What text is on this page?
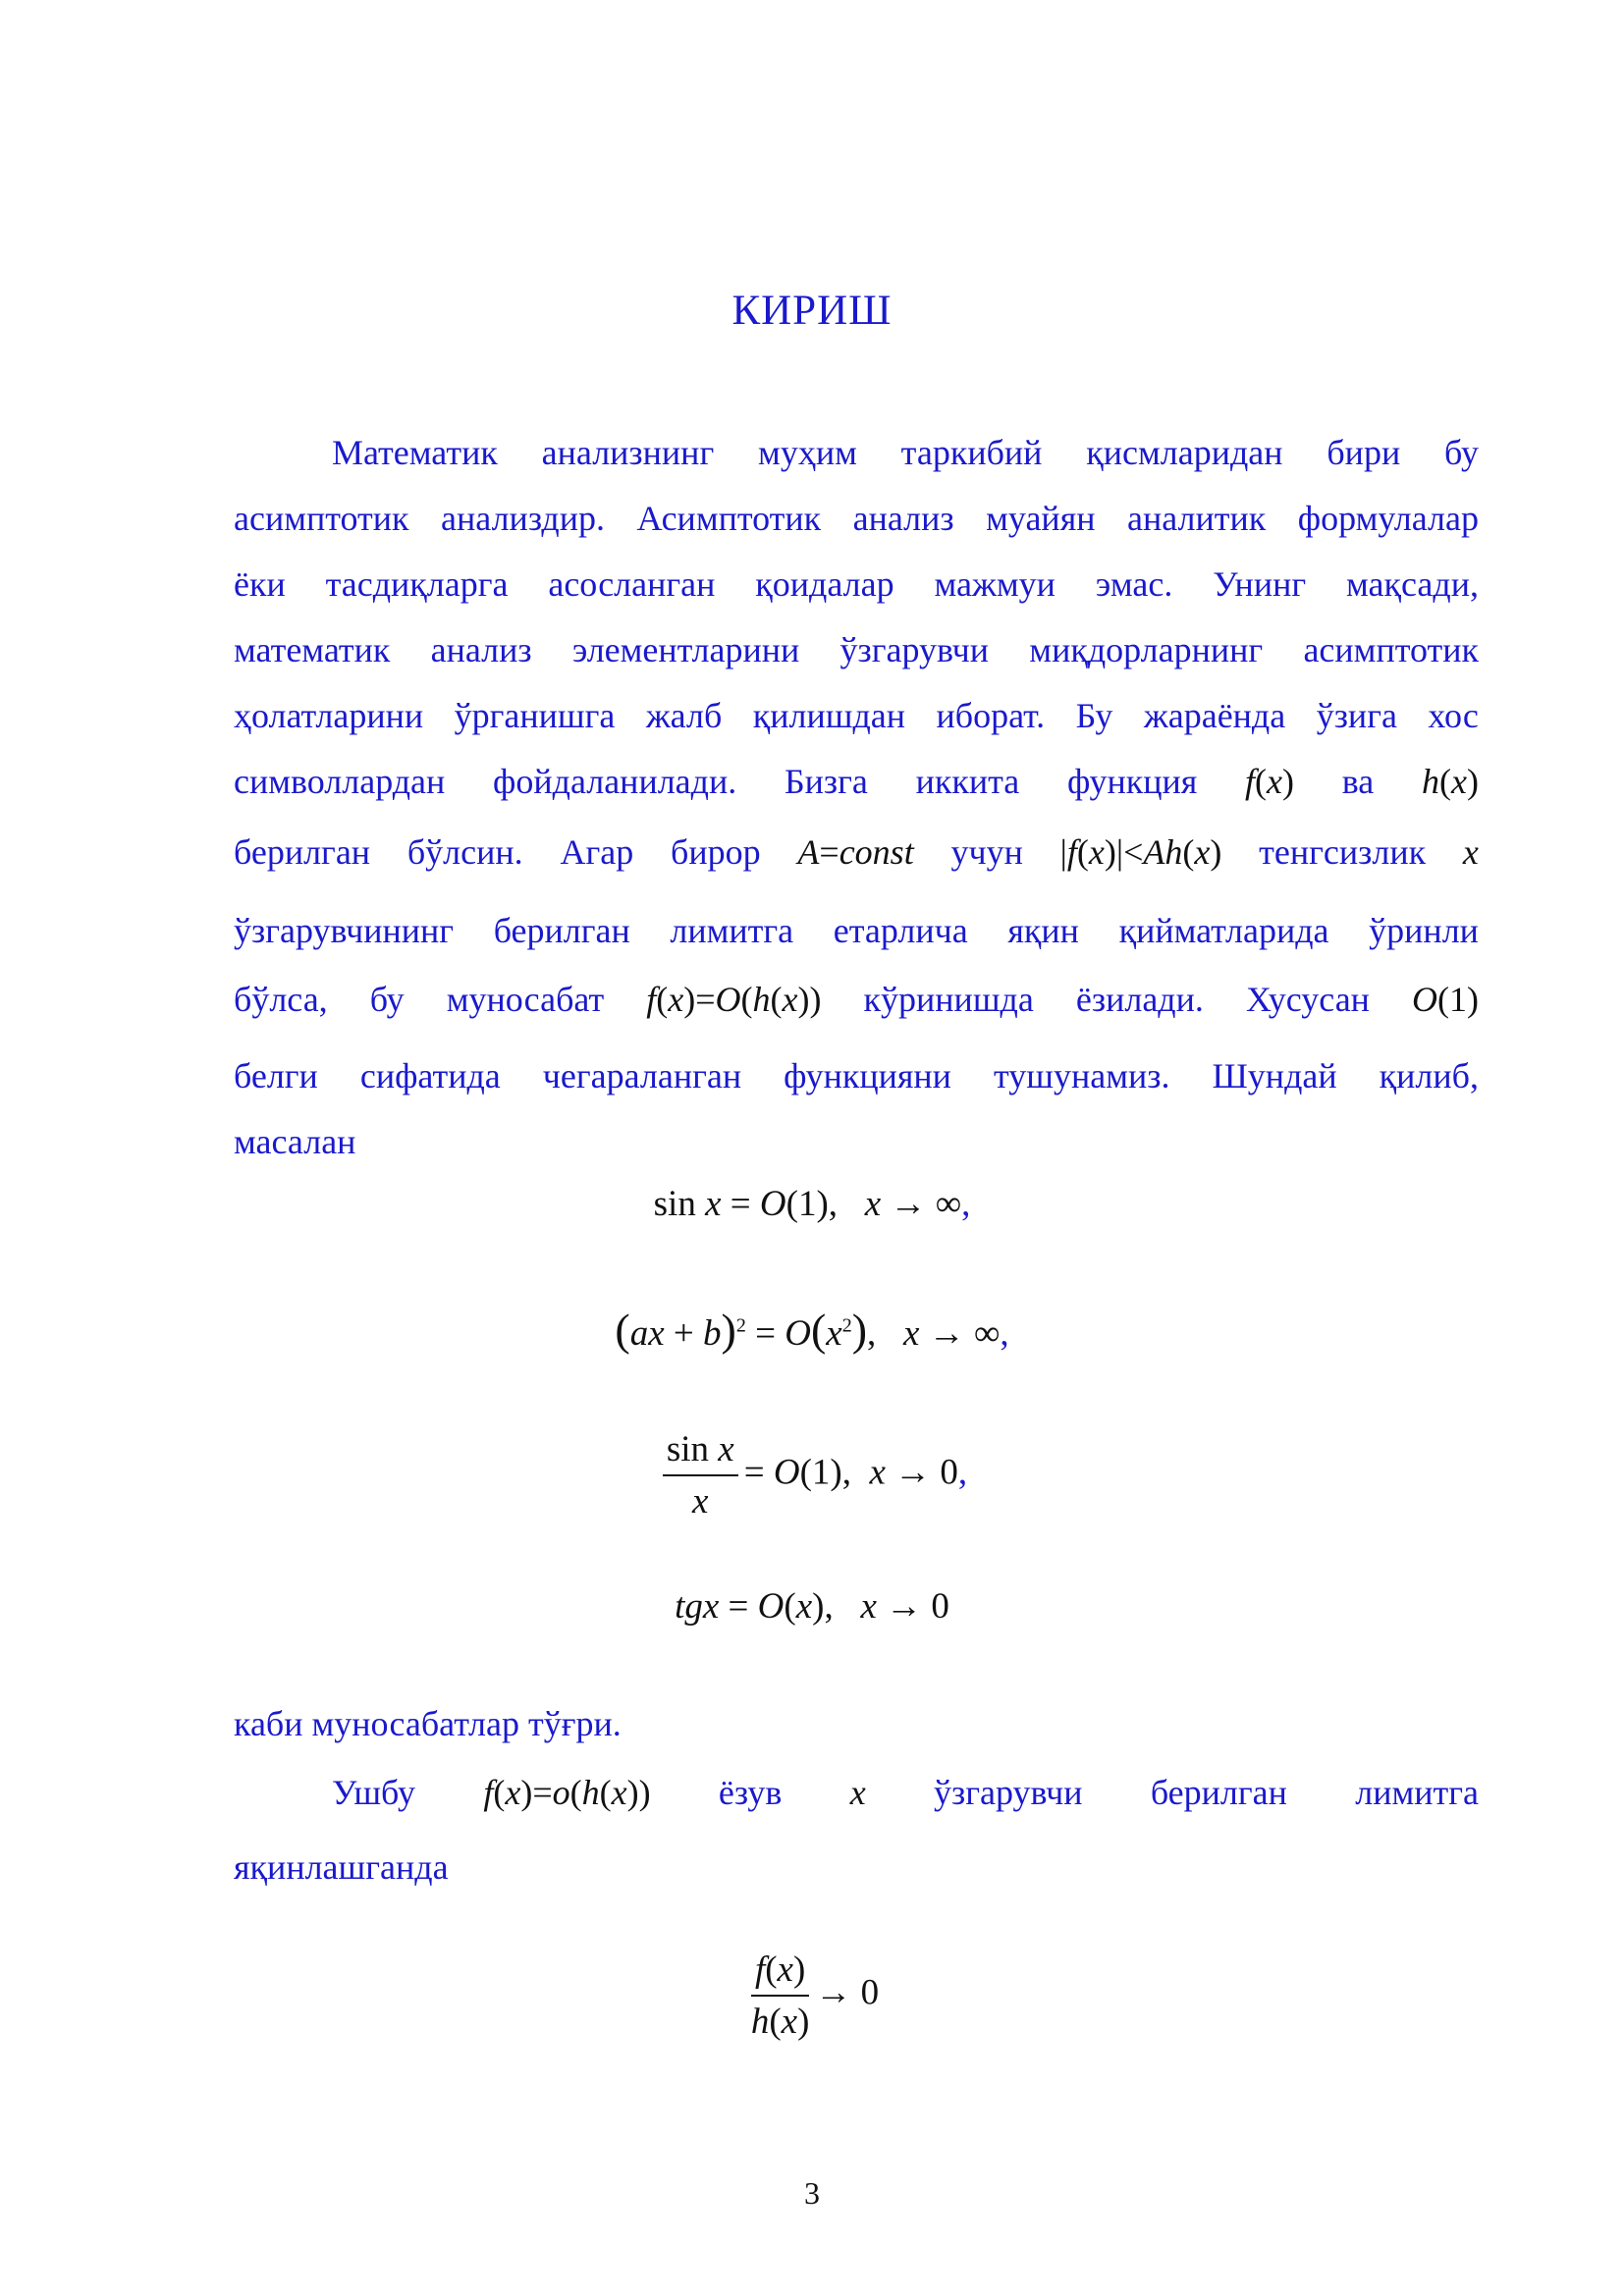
КИРИШ
Математик анализнинг муҳим таркибий қисмларидан бири бу
асимптотик анализдир. Асимптотик анализ муайян аналитик формулалар
ёки тасдиқларга асосланган қоидалар мажмуи эмас. Унинг мақсади,
математик анализ элементларини ўзгарувчи миқдорларнинг асимптотик
ҳолатларини ўрганишга жалб қилишдан иборат. Бу жараёнда ўзига хос
символлардан фойдаланилади. Бизга иккита функция f(x) ва h(x)
берилган бўлсин. Агар бирор A=const учун |f(x)|<Ah(x) тенгсизлик x
ўзгарувчининг берилган лимитга етарлича яқин қийматларида ўринли
бўлса, бу муносабат f(x)=O(h(x)) кўринишда ёзилади. Хусусан O(1)
белги сифатида чегараланган функцияни тушунамиз. Шундай қилиб,
масалан
sin x = O(1),   x → ∞,
$(ax + b)^2 = O(x^2)$,   x → ∞,
$\frac{\text{sin x}}{x} = O(1)$,  x → 0,
tgx = O(x),   x → 0
каби муносабатлар тўғри.
Ушбу f(x)=o(h(x)) ёзув x ўзгарувчи берилган лимитга
яқинлашганда
$\frac{f(x)}{h(x)} \to 0$
3
